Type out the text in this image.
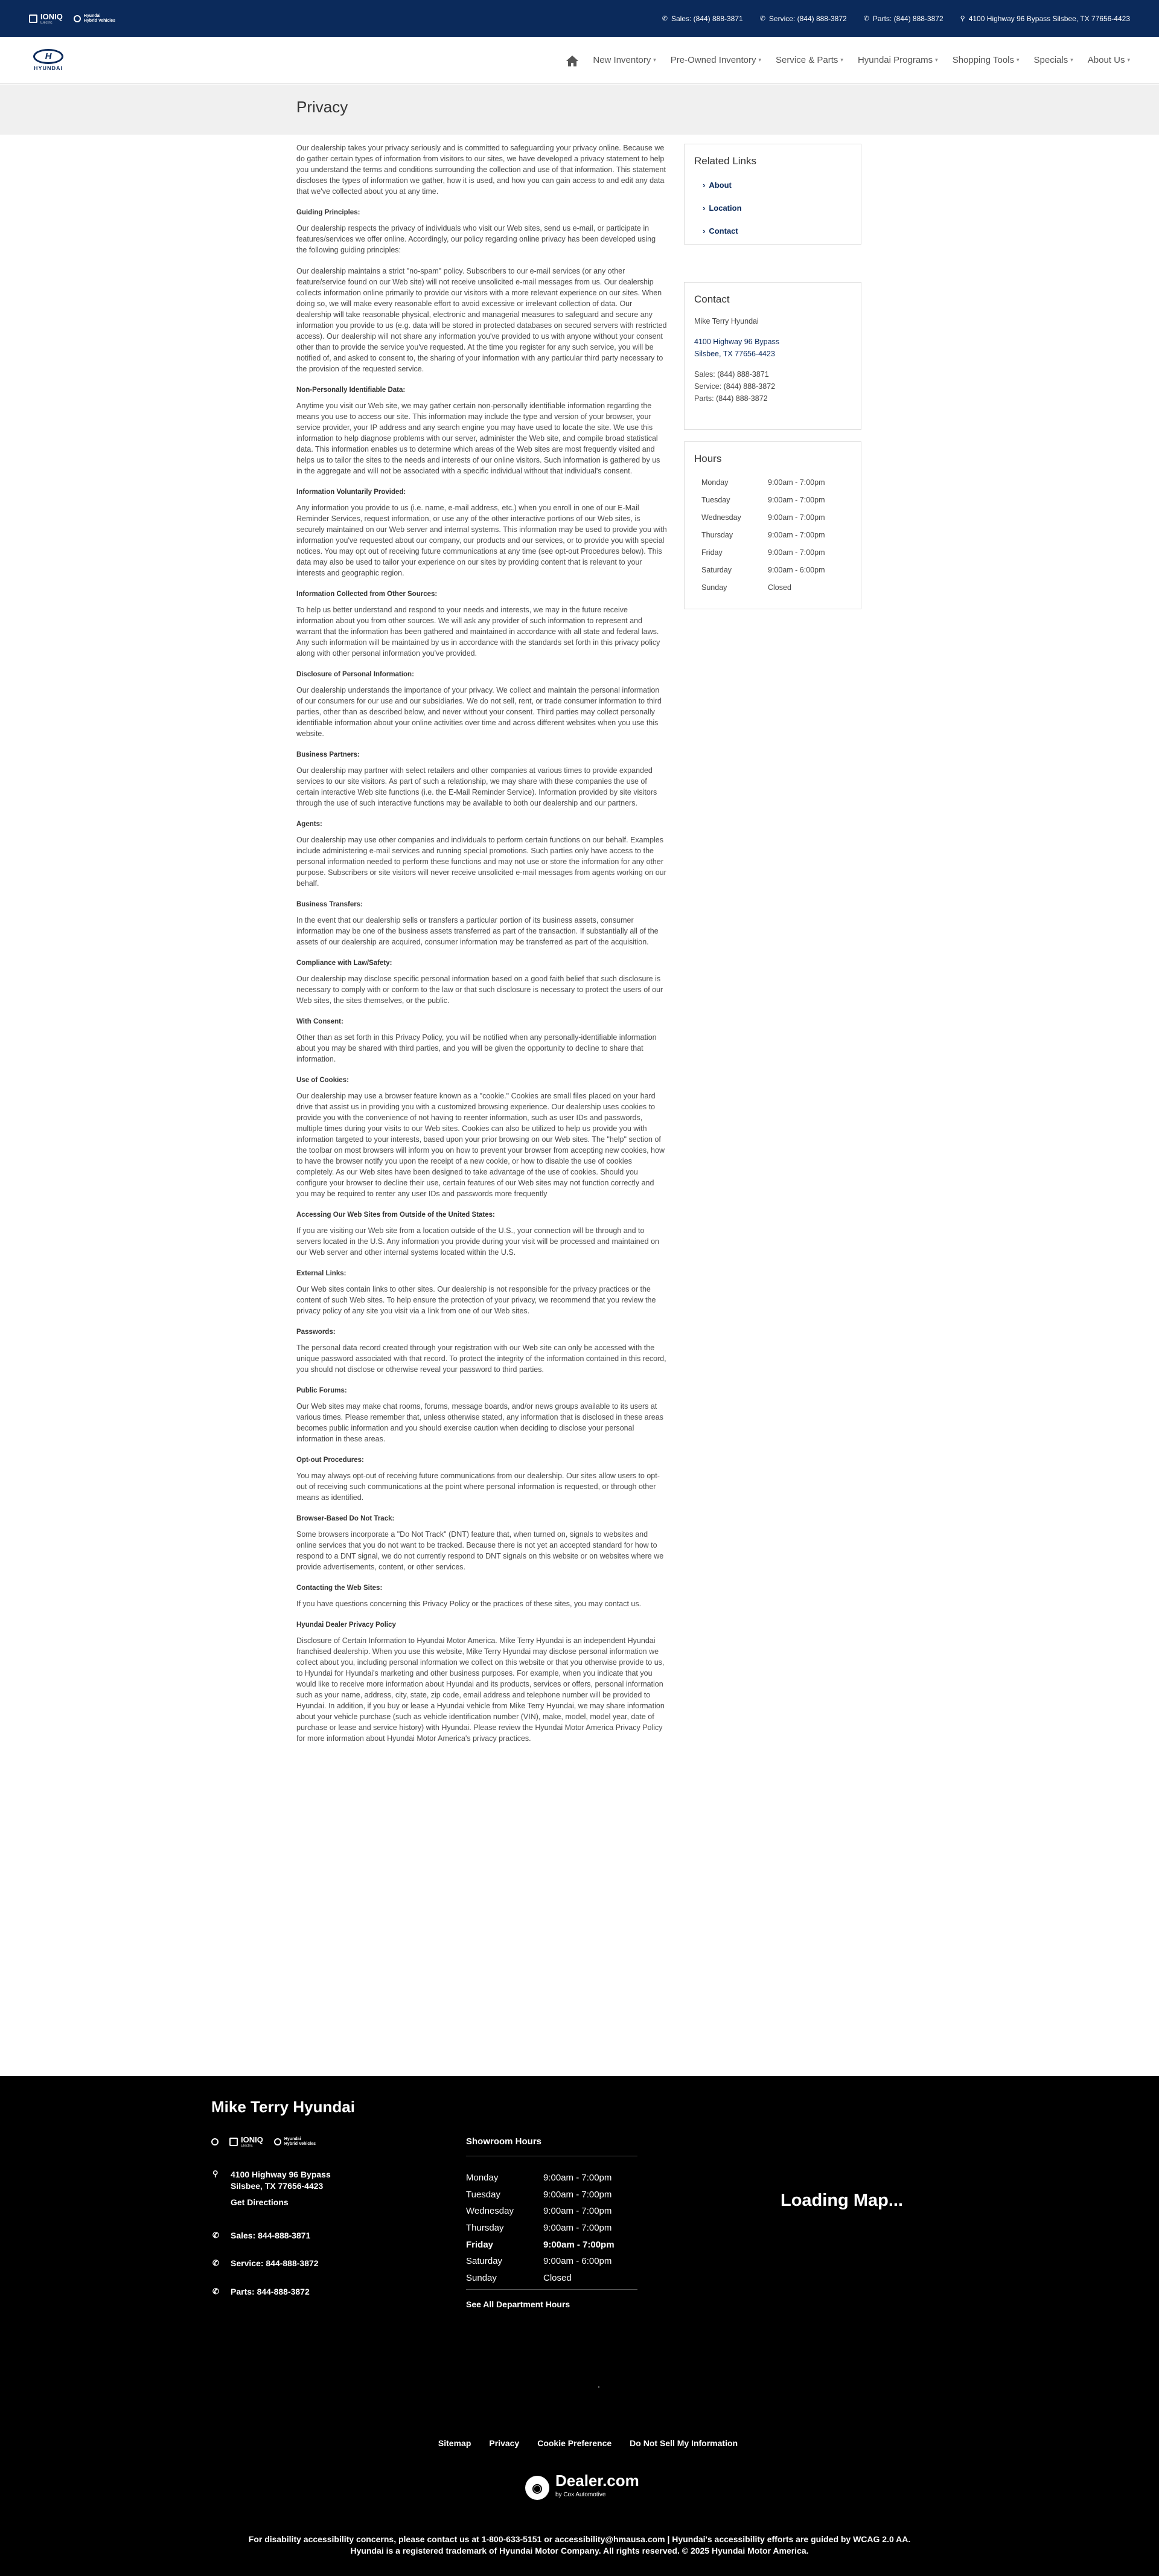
IONIQ
Electric
Hyundai
Hybrid Vehicles	✆ Sales: (844) 888-3871	✆ Service: (844) 888-3872	✆ Parts: (844) 888-3872	⚲ 4100 Highway 96 Bypass Silsbee, TX 77656-4423
H
HYUNDAI
New Inventory ▾ Pre-Owned Inventory ▾ Service & Parts ▾ Hyundai Programs ▾ Shopping Tools ▾ Specials ▾ About Us ▾
Privacy

Our dealership takes your privacy seriously and is committed to safeguarding your privacy online. Because we do gather certain types of information from visitors to our sites, we have developed a privacy statement to help you understand the terms and conditions surrounding the collection and use of that information. This statement discloses the types of information we gather, how it is used, and how you can gain access to and edit any data that we've collected about you at any time.

Guiding Principles:

Our dealership respects the privacy of individuals who visit our Web sites, send us e-mail, or participate in features/services we offer online. Accordingly, our policy regarding online privacy has been developed using the following guiding principles:

Our dealership maintains a strict "no-spam" policy. Subscribers to our e-mail services (or any other feature/service found on our Web site) will not receive unsolicited e-mail messages from us. Our dealership collects information online primarily to provide our visitors with a more relevant experience on our sites. When doing so, we will make every reasonable effort to avoid excessive or irrelevant collection of data. Our dealership will take reasonable physical, electronic and managerial measures to safeguard and secure any information you provide to us (e.g. data will be stored in protected databases on secured servers with restricted access). Our dealership will not share any information you've provided to us with anyone without your consent other than to provide the service you've requested. At the time you register for any such service, you will be notified of, and asked to consent to, the sharing of your information with any particular third party necessary to the provision of the requested service.

Non-Personally Identifiable Data:

Anytime you visit our Web site, we may gather certain non-personally identifiable information regarding the means you use to access our site. This information may include the type and version of your browser, your service provider, your IP address and any search engine you may have used to locate the site. We use this information to help diagnose problems with our server, administer the Web site, and compile broad statistical data. This information enables us to determine which areas of the Web sites are most frequently visited and helps us to tailor the sites to the needs and interests of our online visitors. Such information is gathered by us in the aggregate and will not be associated with a specific individual without that individual's consent.

Information Voluntarily Provided:

Any information you provide to us (i.e. name, e-mail address, etc.) when you enroll in one of our E-Mail Reminder Services, request information, or use any of the other interactive portions of our Web sites, is securely maintained on our Web server and internal systems. This information may be used to provide you with information you've requested about our company, our products and our services, or to provide you with special notices. You may opt out of receiving future communications at any time (see opt-out Procedures below). This data may also be used to tailor your experience on our sites by providing content that is relevant to your interests and geographic region.

Information Collected from Other Sources:

To help us better understand and respond to your needs and interests, we may in the future receive information about you from other sources. We will ask any provider of such information to represent and warrant that the information has been gathered and maintained in accordance with all state and federal laws. Any such information will be maintained by us in accordance with the standards set forth in this privacy policy along with other personal information you've provided.

Disclosure of Personal Information:

Our dealership understands the importance of your privacy. We collect and maintain the personal information of our consumers for our use and our subsidiaries. We do not sell, rent, or trade consumer information to third parties, other than as described below, and never without your consent. Third parties may collect personally identifiable information about your online activities over time and across different websites when you use this website.

Business Partners:

Our dealership may partner with select retailers and other companies at various times to provide expanded services to our site visitors. As part of such a relationship, we may share with these companies the use of certain interactive Web site functions (i.e. the E-Mail Reminder Service). Information provided by site visitors through the use of such interactive functions may be available to both our dealership and our partners.

Agents:

Our dealership may use other companies and individuals to perform certain functions on our behalf. Examples include administering e-mail services and running special promotions. Such parties only have access to the personal information needed to perform these functions and may not use or store the information for any other purpose. Subscribers or site visitors will never receive unsolicited e-mail messages from agents working on our behalf.

Business Transfers:

In the event that our dealership sells or transfers a particular portion of its business assets, consumer information may be one of the business assets transferred as part of the transaction. If substantially all of the assets of our dealership are acquired, consumer information may be transferred as part of the acquisition.

Compliance with Law/Safety:

Our dealership may disclose specific personal information based on a good faith belief that such disclosure is necessary to comply with or conform to the law or that such disclosure is necessary to protect the users of our Web sites, the sites themselves, or the public.

With Consent:

Other than as set forth in this Privacy Policy, you will be notified when any personally-identifiable information about you may be shared with third parties, and you will be given the opportunity to decline to share that information.

Use of Cookies:

Our dealership may use a browser feature known as a "cookie." Cookies are small files placed on your hard drive that assist us in providing you with a customized browsing experience. Our dealership uses cookies to provide you with the convenience of not having to reenter information, such as user IDs and passwords, multiple times during your visits to our Web sites. Cookies can also be utilized to help us provide you with information targeted to your interests, based upon your prior browsing on our Web sites. The "help" section of the toolbar on most browsers will inform you on how to prevent your browser from accepting new cookies, how to have the browser notify you upon the receipt of a new cookie, or how to disable the use of cookies completely. As our Web sites have been designed to take advantage of the use of cookies. Should you configure your browser to decline their use, certain features of our Web sites may not function correctly and you may be required to renter any user IDs and passwords more frequently

Accessing Our Web Sites from Outside of the United States:

If you are visiting our Web site from a location outside of the U.S., your connection will be through and to servers located in the U.S. Any information you provide during your visit will be processed and maintained on our Web server and other internal systems located within the U.S.

External Links:

Our Web sites contain links to other sites. Our dealership is not responsible for the privacy practices or the content of such Web sites. To help ensure the protection of your privacy, we recommend that you review the privacy policy of any site you visit via a link from one of our Web sites.

Passwords:

The personal data record created through your registration with our Web site can only be accessed with the unique password associated with that record. To protect the integrity of the information contained in this record, you should not disclose or otherwise reveal your password to third parties.

Public Forums:

Our Web sites may make chat rooms, forums, message boards, and/or news groups available to its users at various times. Please remember that, unless otherwise stated, any information that is disclosed in these areas becomes public information and you should exercise caution when deciding to disclose your personal information in these areas.

Opt-out Procedures:

You may always opt-out of receiving future communications from our dealership. Our sites allow users to opt-out of receiving such communications at the point where personal information is requested, or through other means as identified.

Browser-Based Do Not Track:

Some browsers incorporate a "Do Not Track" (DNT) feature that, when turned on, signals to websites and online services that you do not want to be tracked. Because there is not yet an accepted standard for how to respond to a DNT signal, we do not currently respond to DNT signals on this website or on websites where we provide advertisements, content, or other services.

Contacting the Web Sites:

If you have questions concerning this Privacy Policy or the practices of these sites, you may contact us.

Hyundai Dealer Privacy Policy

Disclosure of Certain Information to Hyundai Motor America. Mike Terry Hyundai is an independent Hyundai franchised dealership. When you use this website, Mike Terry Hyundai may disclose personal information we collect about you, including personal information we collect on this website or that you otherwise provide to us, to Hyundai for Hyundai's marketing and other business purposes. For example, when you indicate that you would like to receive more information about Hyundai and its products, services or offers, personal information such as your name, address, city, state, zip code, email address and telephone number will be provided to Hyundai. In addition, if you buy or lease a Hyundai vehicle from Mike Terry Hyundai, we may share information about your vehicle purchase (such as vehicle identification number (VIN), make, model, model year, date of purchase or lease and service history) with Hyundai. Please review the Hyundai Motor America Privacy Policy for more information about Hyundai Motor America's privacy practices.

Related Links
› About
› Location
› Contact
Contact
Mike Terry Hyundai
4100 Highway 96 Bypass
Silsbee, TX 77656-4423
Sales: (844) 888-3871
Service: (844) 888-3872
Parts: (844) 888-3872
Hours
Monday	9:00am - 7:00pm
Tuesday	9:00am - 7:00pm
Wednesday	9:00am - 7:00pm
Thursday	9:00am - 7:00pm
Friday	9:00am - 7:00pm
Saturday	9:00am - 6:00pm
Sunday	Closed
Mike Terry Hyundai
IONIQ
Electric
Hyundai
Hybrid Vehicles
⚲	4100 Highway 96 Bypass
Silsbee, TX 77656-4423
Get Directions
✆ Sales: 844-888-3871
✆ Service: 844-888-3872
✆ Parts: 844-888-3872
Showroom Hours
Monday	9:00am - 7:00pm
Tuesday	9:00am - 7:00pm
Wednesday	9:00am - 7:00pm
Thursday	9:00am - 7:00pm
Friday	9:00am - 7:00pm
Saturday	9:00am - 6:00pm
Sunday	Closed
See All Department Hours
Loading Map...
Sitemap Privacy Cookie Preference Do Not Sell My Information
◉ Dealer.com
by Cox Automotive
For disability accessibility concerns, please contact us at 1-800-633-5151 or accessibility@hmausa.com | Hyundai's accessibility efforts are guided by WCAG 2.0 AA.
Hyundai is a registered trademark of Hyundai Motor Company. All rights reserved. © 2025 Hyundai Motor America.
